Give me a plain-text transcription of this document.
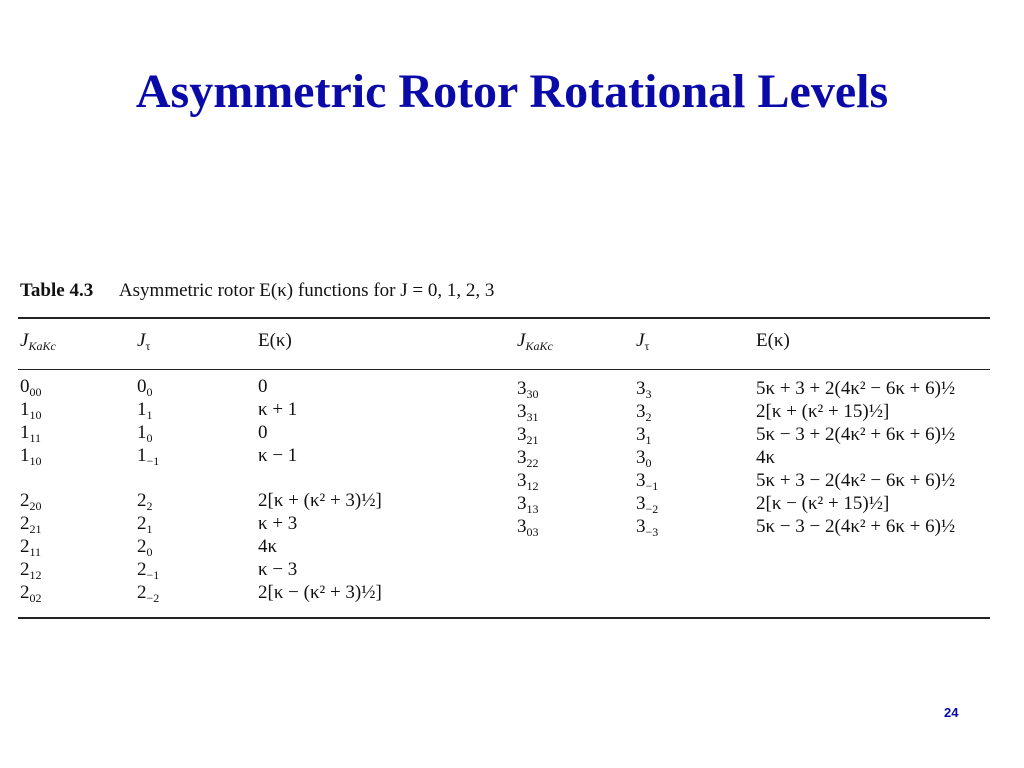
Asymmetric Rotor Rotational Levels
Table 4.3 Asymmetric rotor E(κ) functions for J = 0, 1, 2, 3
$J_{KaKc}$	$J_\tau$	E(κ)	$J_{KaKc}$	$J_\tau$	E(κ)
$0_{00}$	$0_0$	0
$1_{10}$	$1_1$	κ + 1
$1_{11}$	$1_0$	0
$1_{10}$	$1_{-1}$	κ − 1
$2_{20}$	$2_2$	2[κ + (κ² + 3)½]
$2_{21}$	$2_1$	κ + 3
$2_{11}$	$2_0$	4κ
$2_{12}$	$2_{-1}$	κ − 3
$2_{02}$	$2_{-2}$	2[κ − (κ² + 3)½]
$3_{30}$	$3_3$	5κ + 3 + 2(4κ² − 6κ + 6)½
$3_{31}$	$3_2$	2[κ + (κ² + 15)½]
$3_{21}$	$3_1$	5κ − 3 + 2(4κ² + 6κ + 6)½
$3_{22}$	$3_0$	4κ
$3_{12}$	$3_{-1}$	5κ + 3 − 2(4κ² − 6κ + 6)½
$3_{13}$	$3_{-2}$	2[κ − (κ² + 15)½]
$3_{03}$	$3_{-3}$	5κ − 3 − 2(4κ² + 6κ + 6)½
24
